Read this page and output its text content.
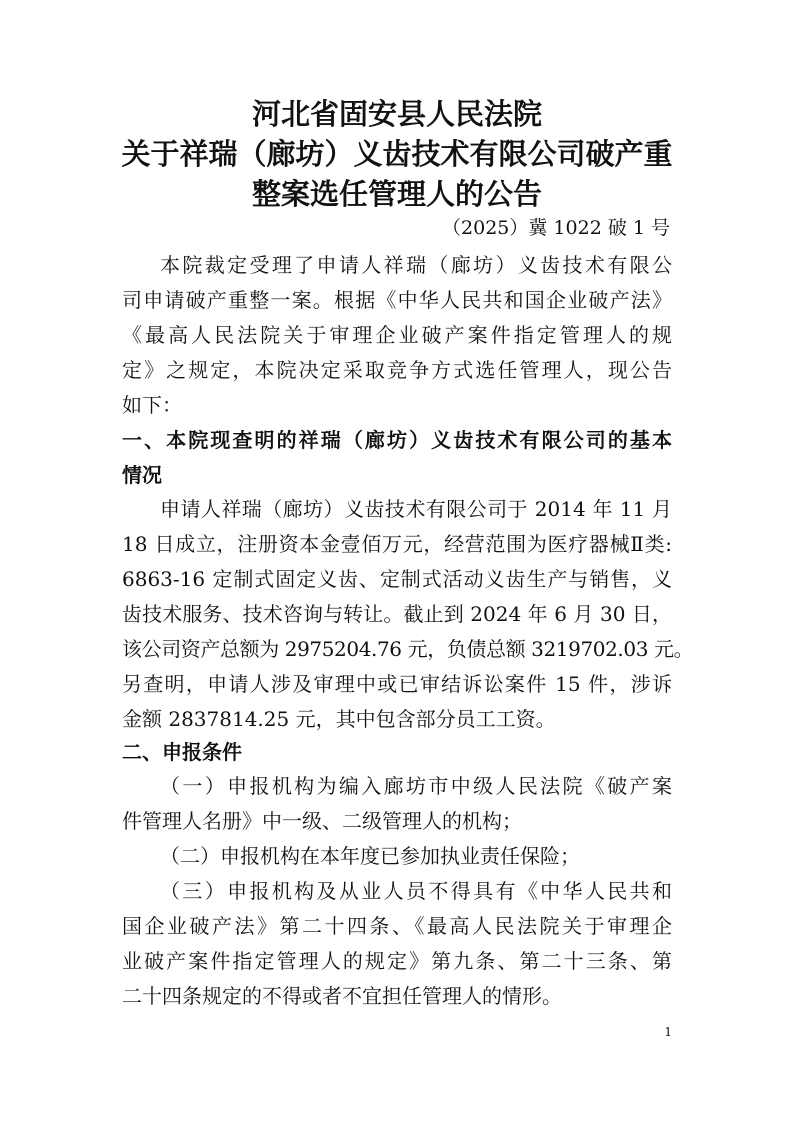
河北省固安县人民法院
关于祥瑞（廊坊）义齿技术有限公司破产重
整案选任管理人的公告
（2025）冀 1022 破 1 号
本院裁定受理了申请人祥瑞（廊坊）义齿技术有限公
司申请破产重整一案。根据《中华人民共和国企业破产法》
《最高人民法院关于审理企业破产案件指定管理人的规
定》之规定，本院决定采取竞争方式选任管理人，现公告
如下：
一、本院现查明的祥瑞（廊坊）义齿技术有限公司的基本
情况
申请人祥瑞（廊坊）义齿技术有限公司于 2014 年 11 月
18 日成立，注册资本金壹佰万元，经营范围为医疗器械Ⅱ类:
6863-16 定制式固定义齿、定制式活动义齿生产与销售，义
齿技术服务、技术咨询与转让。截止到 2024 年 6 月 30 日，
该公司资产总额为 2975204.76 元，负债总额 3219702.03 元。
另查明，申请人涉及审理中或已审结诉讼案件 15 件，涉诉
金额 2837814.25 元，其中包含部分员工工资。
二、申报条件
（一）申报机构为编入廊坊市中级人民法院《破产案
件管理人名册》中一级、二级管理人的机构；
（二）申报机构在本年度已参加执业责任保险；
（三）申报机构及从业人员不得具有《中华人民共和
国企业破产法》第二十四条、《最高人民法院关于审理企
业破产案件指定管理人的规定》第九条、第二十三条、第
二十四条规定的不得或者不宜担任管理人的情形。
1
